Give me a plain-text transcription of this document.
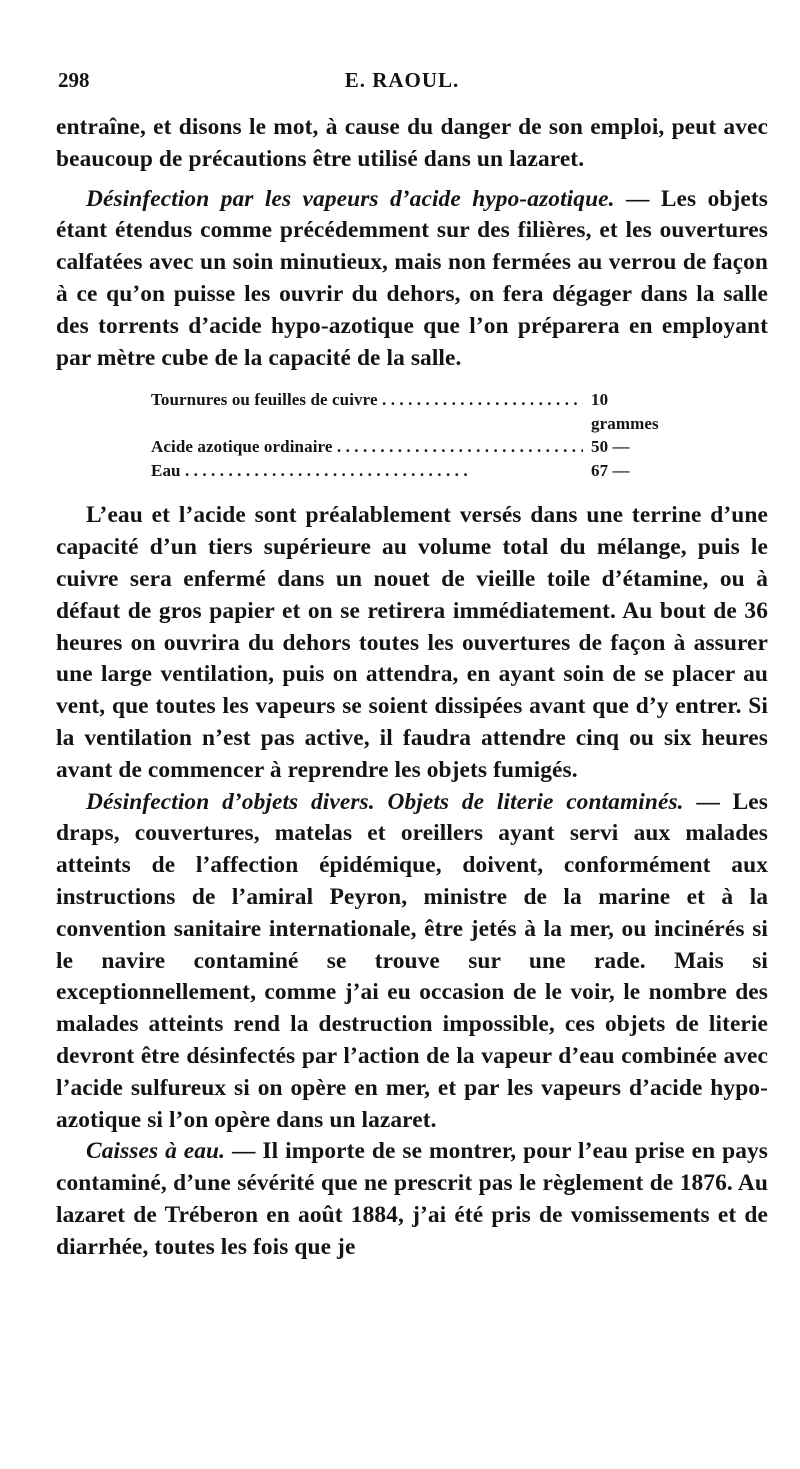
298	E. RAOUL.

entraîne, et disons le mot, à cause du danger de son emploi, peut avec beaucoup de précautions être utilisé dans un lazaret.

Désinfection par les vapeurs d’acide hypo-azotique. — Les objets étant étendus comme précédemment sur des filières, et les ouvertures calfatées avec un soin minutieux, mais non fermées au verrou de façon à ce qu’on puisse les ouvrir du dehors, on fera dégager dans la salle des torrents d’acide hypo-azotique que l’on préparera en employant par mètre cube de la capacité de la salle.

Tournures ou feuilles de cuivre . . .	10 grammes
Acide azotique ordinaire . . .	50 —
Eau . . .	67 —

L’eau et l’acide sont préalablement versés dans une terrine d’une capacité d’un tiers supérieure au volume total du mélange, puis le cuivre sera enfermé dans un nouet de vieille toile d’étamine, ou à défaut de gros papier et on se retirera immédiatement. Au bout de 36 heures on ouvrira du dehors toutes les ouvertures de façon à assurer une large ventilation, puis on attendra, en ayant soin de se placer au vent, que toutes les vapeurs se soient dissipées avant que d’y entrer. Si la ventilation n’est pas active, il faudra attendre cinq ou six heures avant de commencer à reprendre les objets fumigés.

Désinfection d’objets divers. Objets de literie contaminés. — Les draps, couvertures, matelas et oreillers ayant servi aux malades atteints de l’affection épidémique, doivent, conformément aux instructions de l’amiral Peyron, ministre de la marine et à la convention sanitaire internationale, être jetés à la mer, ou incinérés si le navire contaminé se trouve sur une rade. Mais si exceptionnellement, comme j’ai eu occasion de le voir, le nombre des malades atteints rend la destruction impossible, ces objets de literie devront être désinfectés par l’action de la vapeur d’eau combinée avec l’acide sulfureux si on opère en mer, et par les vapeurs d’acide hypo-azotique si l’on opère dans un lazaret.

Caisses à eau. — Il importe de se montrer, pour l’eau prise en pays contaminé, d’une sévérité que ne prescrit pas le règlement de 1876. Au lazaret de Tréberon en août 1884, j’ai été pris de vomissements et de diarrhée, toutes les fois que je
